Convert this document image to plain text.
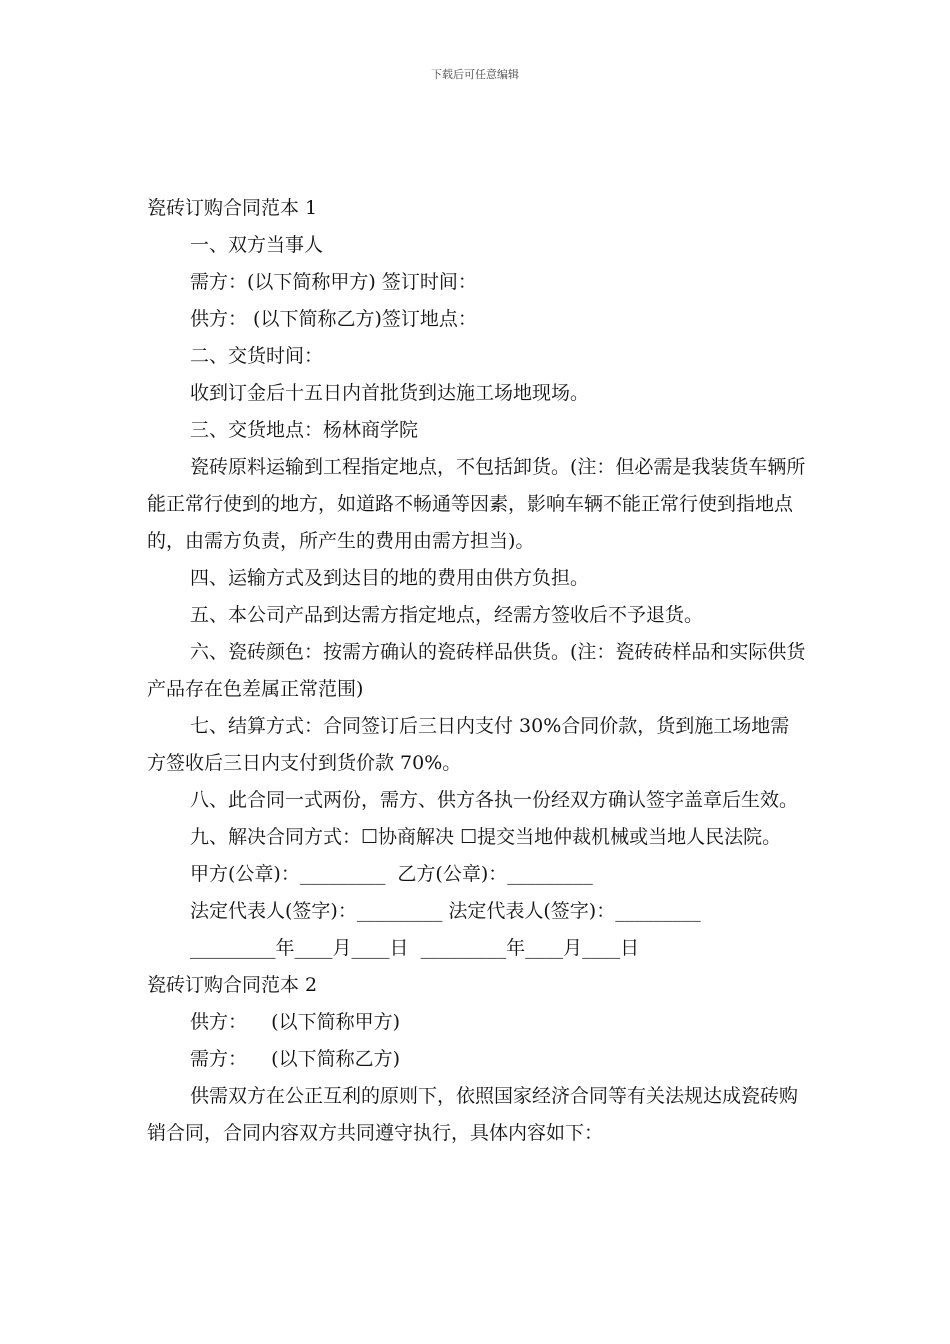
下载后可任意编辑

瓷砖订购合同范本 1

一、双方当事人

需方：(以下简称甲方) 签订时间：

供方： (以下简称乙方)签订地点：

二、交货时间：

收到订金后十五日内首批货到达施工场地现场。

三、交货地点：杨林商学院

瓷砖原料运输到工程指定地点，不包括卸货。(注：但必需是我装货车辆所能正常行使到的地方，如道路不畅通等因素，影响车辆不能正常行使到指地点的，由需方负责，所产生的费用由需方担当)。

四、运输方式及到达目的地的费用由供方负担。

五、本公司产品到达需方指定地点，经需方签收后不予退货。

六、瓷砖颜色：按需方确认的瓷砖样品供货。(注：瓷砖砖样品和实际供货产品存在色差属正常范围)

七、结算方式：合同签订后三日内支付 30%合同价款，货到施工场地需方签收后三日内支付到货价款 70%。

八、此合同一式两份，需方、供方各执一份经双方确认签字盖章后生效。

九、解决合同方式：☐协商解决 ☐提交当地仲裁机械或当地人民法院。

甲方(公章)：_________  乙方(公章)：_________

法定代表人(签字)：_________ 法定代表人(签字)：_________

_________年____月____日  _________年____月____日

瓷砖订购合同范本 2

供方：    (以下简称甲方)

需方：    (以下简称乙方)

供需双方在公正互利的原则下，依照国家经济合同等有关法规达成瓷砖购销合同，合同内容双方共同遵守执行，具体内容如下：
